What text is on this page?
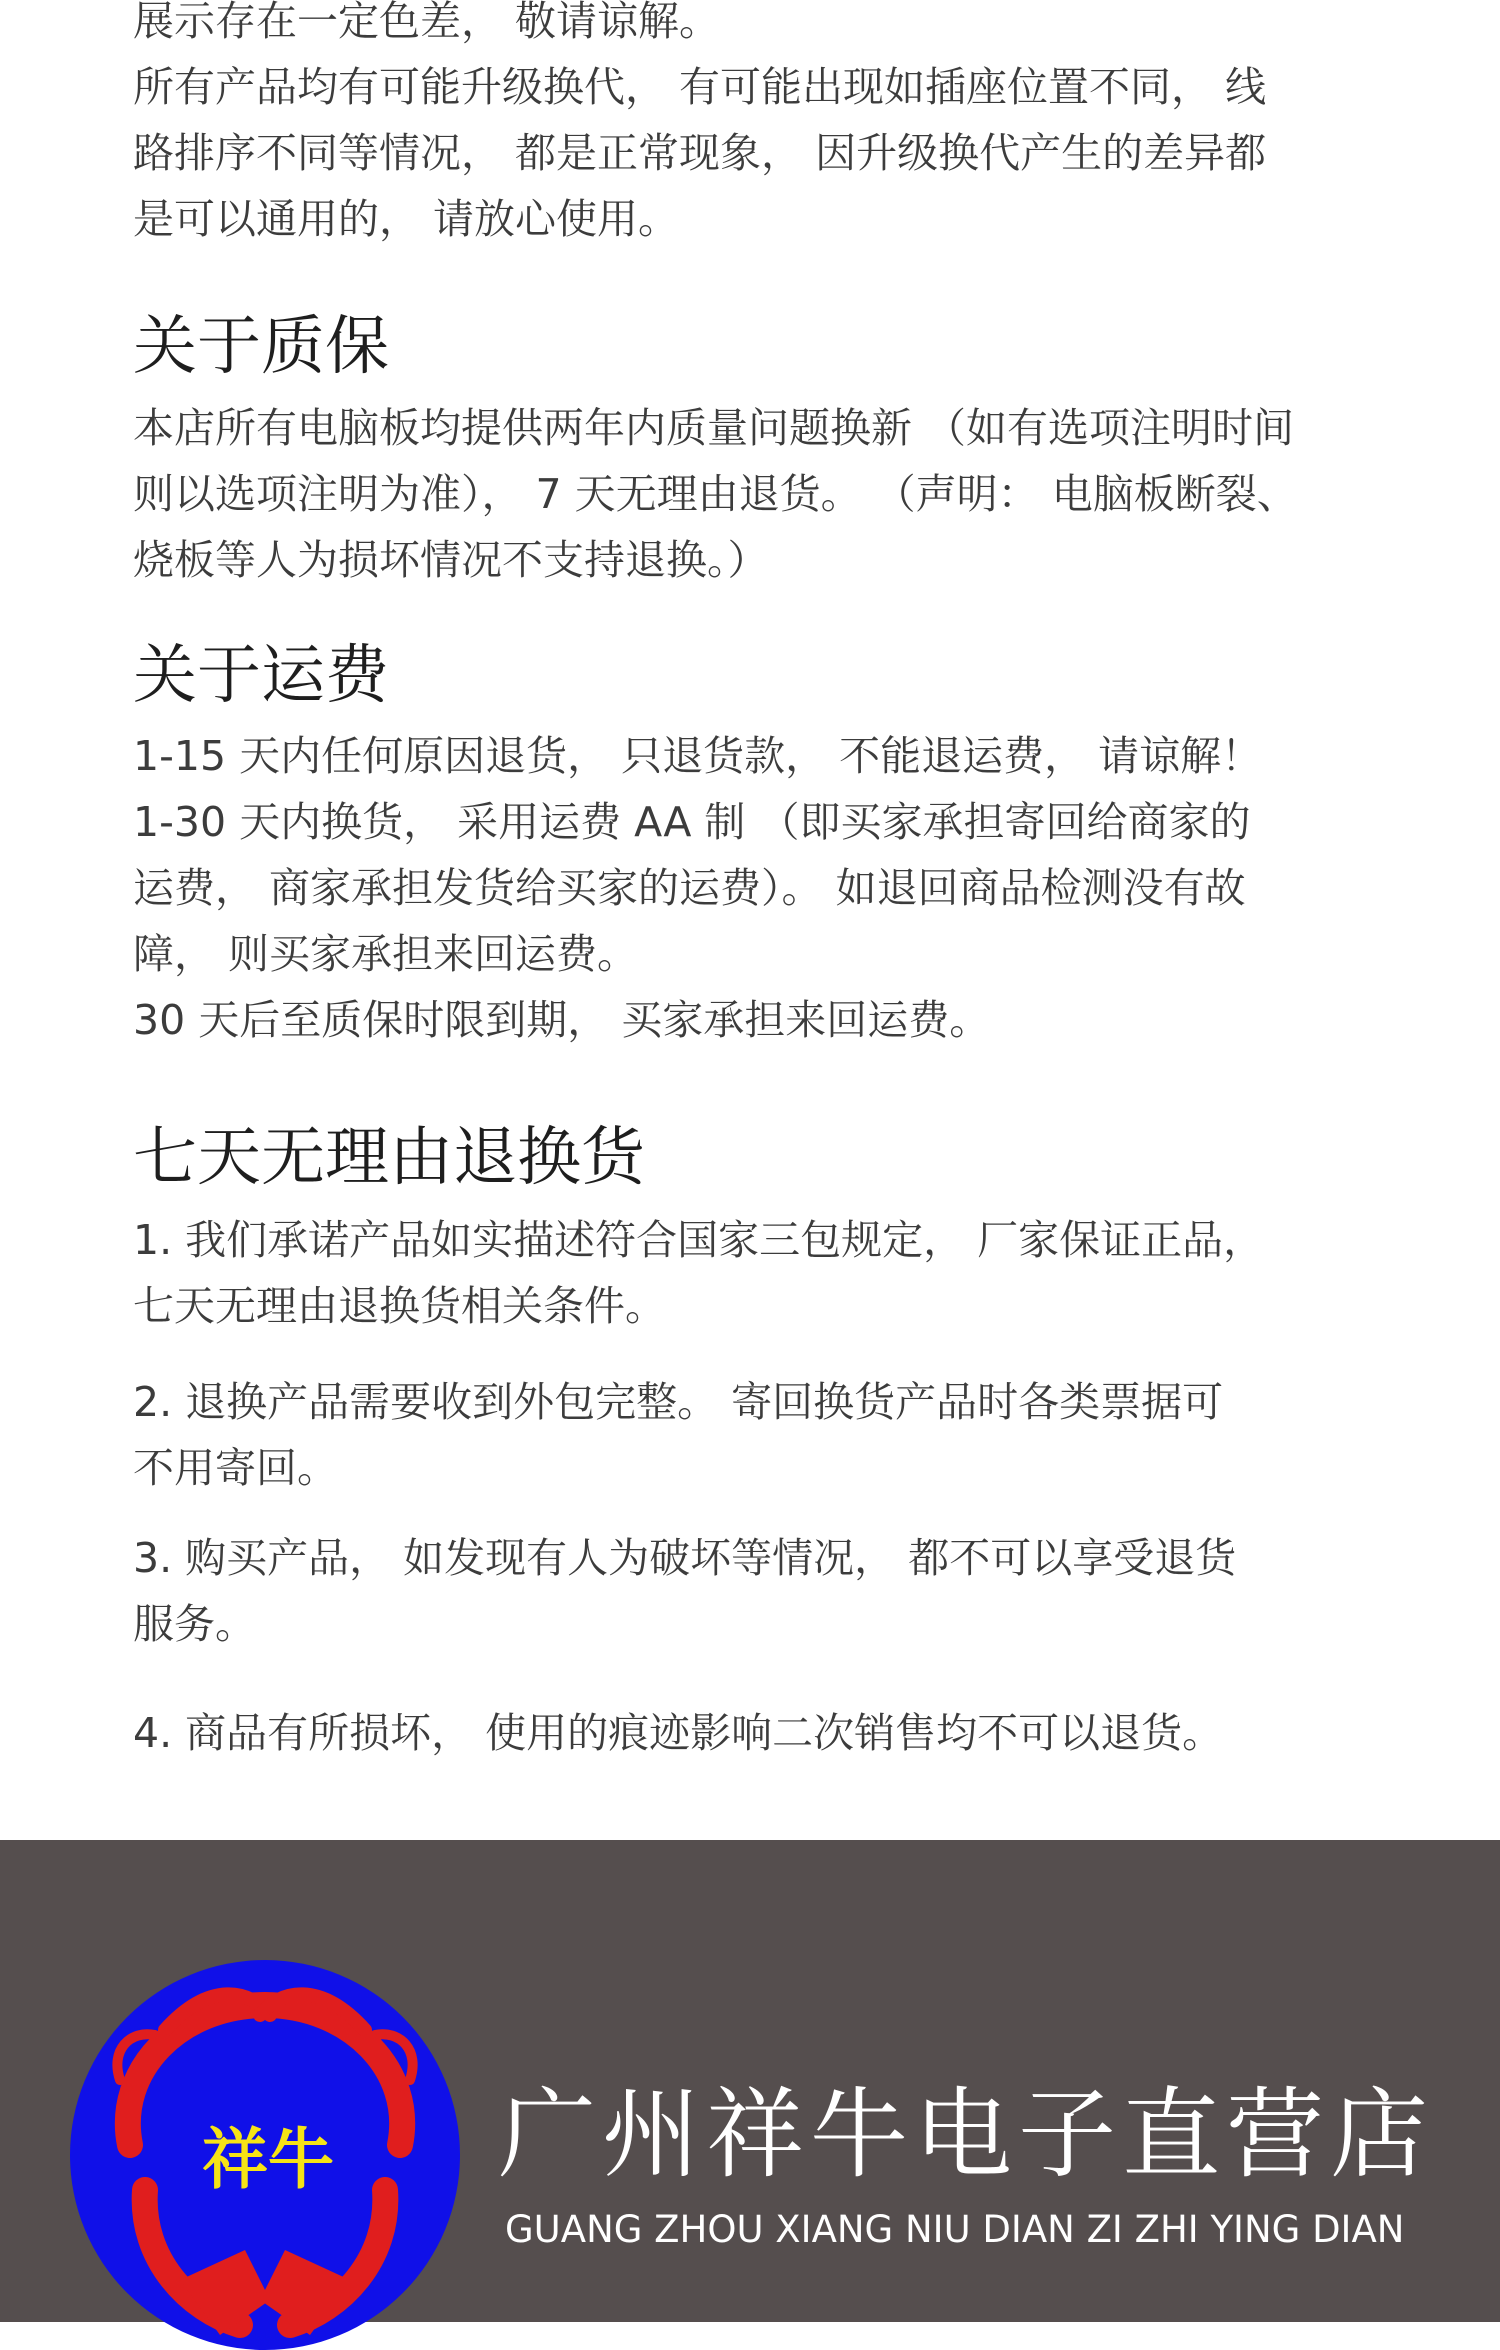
展示存在一定色差， 敬请谅解。
所有产品均有可能升级换代， 有可能出现如插座位置不同， 线
路排序不同等情况， 都是正常现象， 因升级换代产生的差异都
是可以通用的， 请放心使用。

关于质保

本店所有电脑板均提供两年内质量问题换新 （如有选项注明时间
则以选项注明为准）， 7 天无理由退货。 （声明： 电脑板断裂、
烧板等人为损坏情况不支持退换。）

关于运费

1-15 天内任何原因退货， 只退货款， 不能退运费， 请谅解！
1-30 天内换货， 采用运费 AA 制 （即买家承担寄回给商家的
运费， 商家承担发货给买家的运费）。 如退回商品检测没有故
障， 则买家承担来回运费。
30 天后至质保时限到期， 买家承担来回运费。

七天无理由退换货

1. 我们承诺产品如实描述符合国家三包规定， 厂家保证正品，
七天无理由退换货相关条件。

2. 退换产品需要收到外包完整。 寄回换货产品时各类票据可
不用寄回。

3. 购买产品， 如发现有人为破坏等情况， 都不可以享受退货
服务。

4. 商品有所损坏， 使用的痕迹影响二次销售均不可以退货。

祥牛 广州祥牛电子直营店

GUANG ZHOU XIANG NIU DIAN ZI ZHI YING DIAN
